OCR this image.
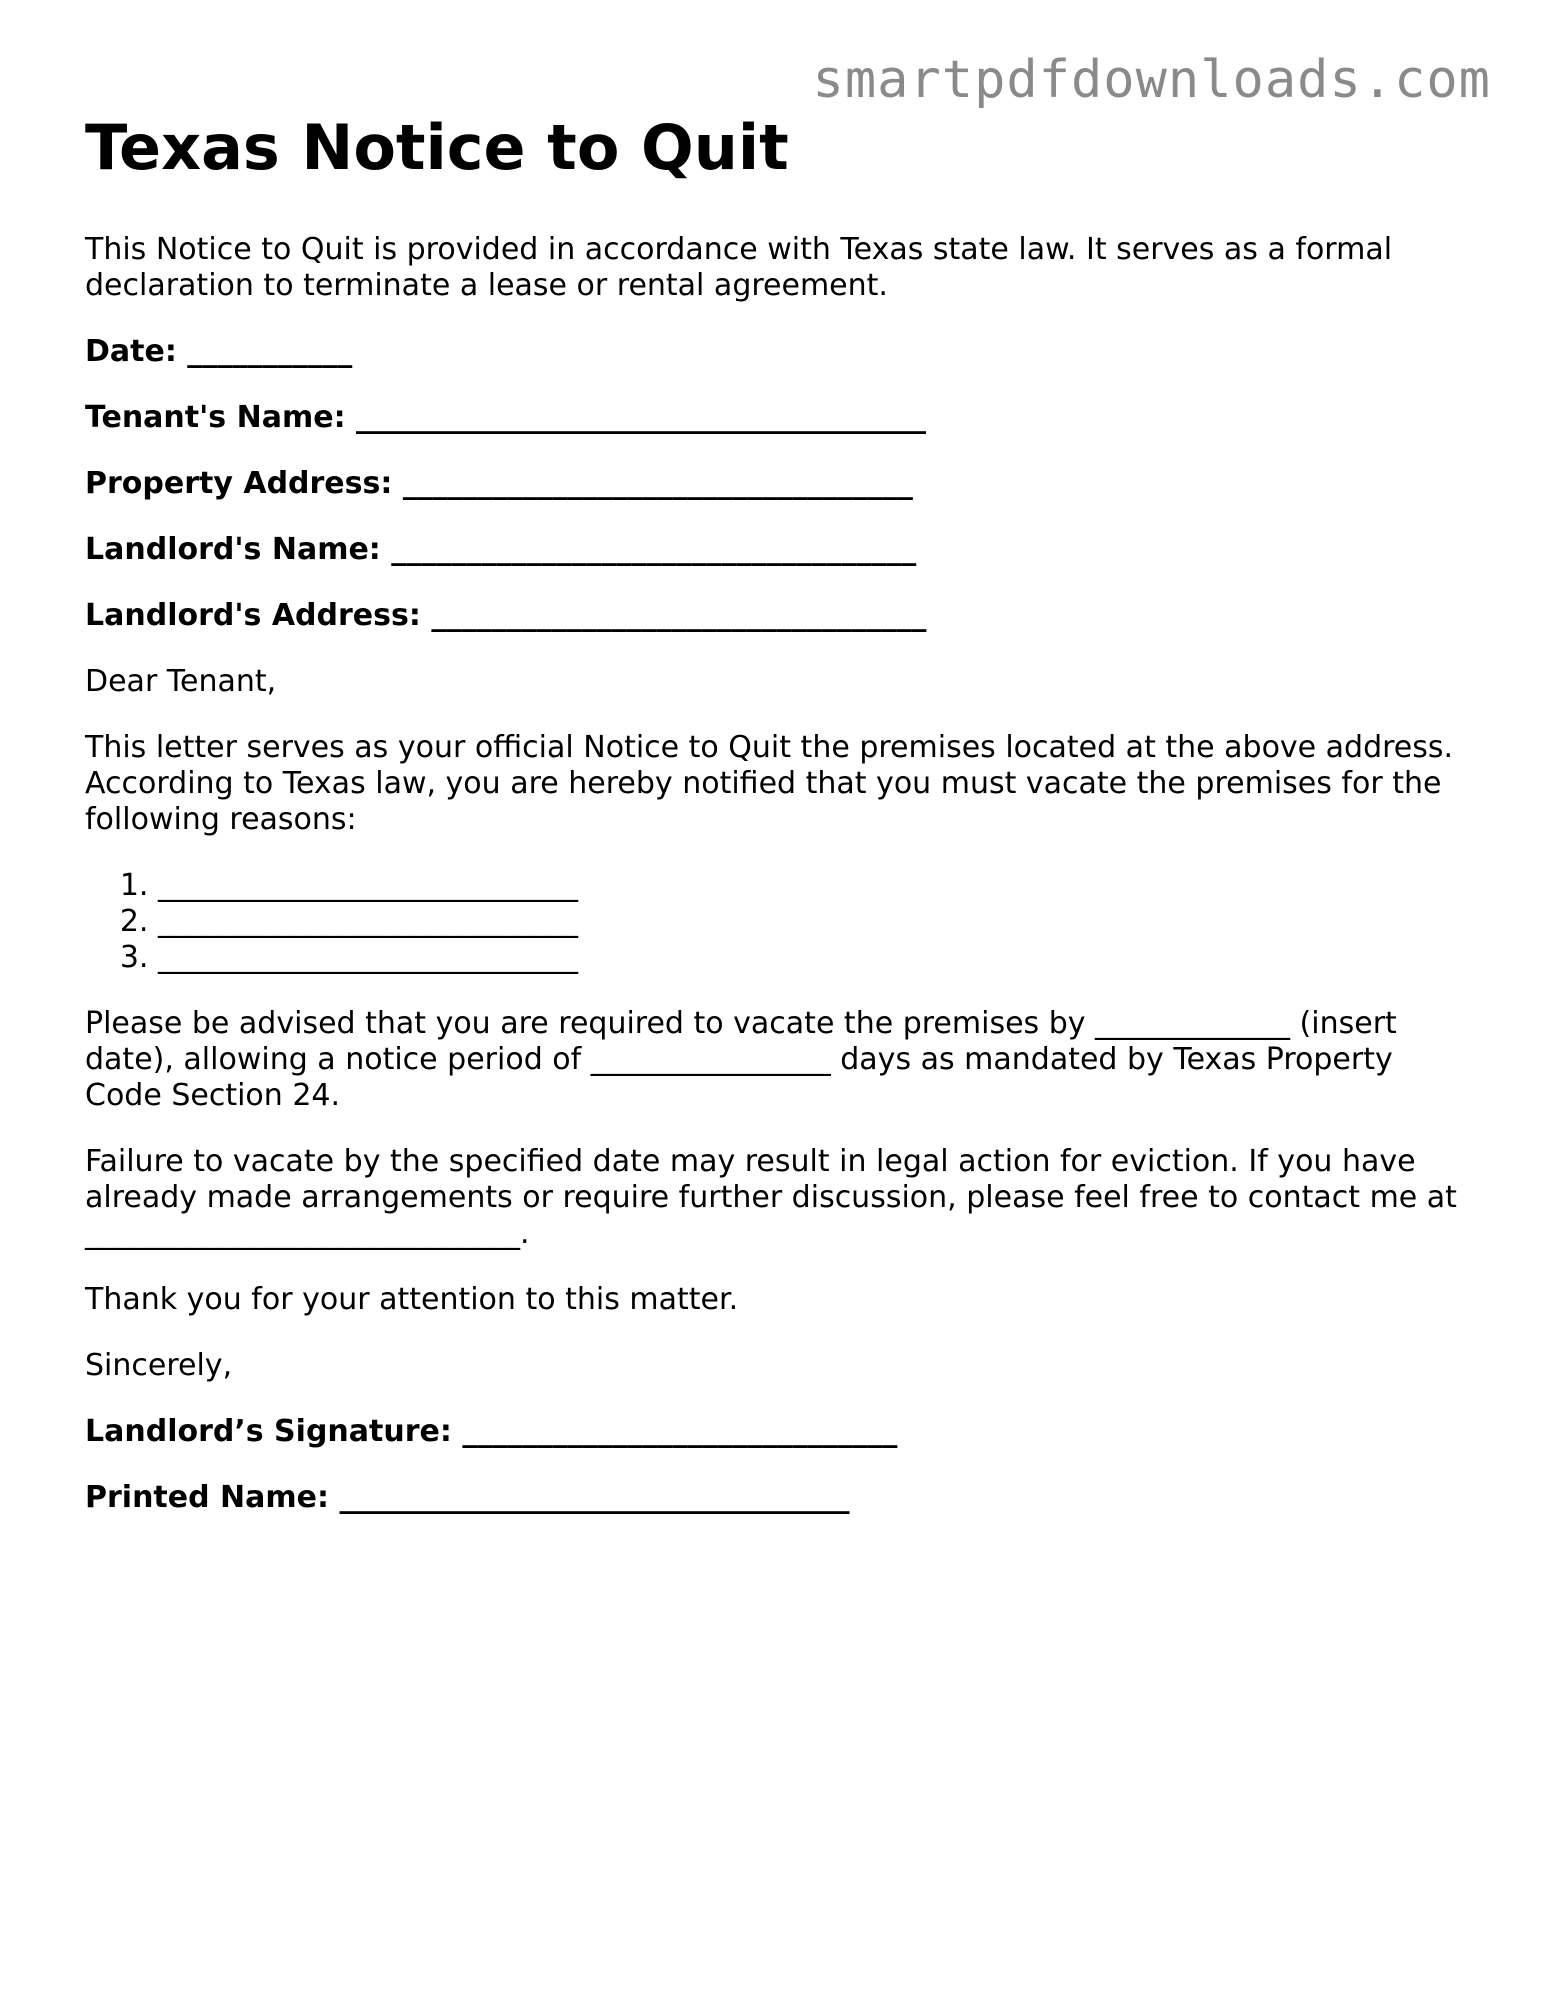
smartpdfdownloads.com
Texas Notice to Quit

This Notice to Quit is provided in accordance with Texas state law. It serves as a formal declaration to terminate a lease or rental agreement.

Date: ___________

Tenant's Name: ______________________________________

Property Address: __________________________________

Landlord's Name: ___________________________________

Landlord's Address: _________________________________

Dear Tenant,

This letter serves as your official Notice to Quit the premises located at the above address. According to Texas law, you are hereby notified that you must vacate the premises for the following reasons:

1. ____________________________
2. ____________________________
3. ____________________________

Please be advised that you are required to vacate the premises by _____________ (insert date), allowing a notice period of ________________ days as mandated by Texas Property Code Section 24.

Failure to vacate by the specified date may result in legal action for eviction. If you have already made arrangements or require further discussion, please feel free to contact me at _____________________________.

Thank you for your attention to this matter.

Sincerely,

Landlord’s Signature: _____________________________

Printed Name: __________________________________
